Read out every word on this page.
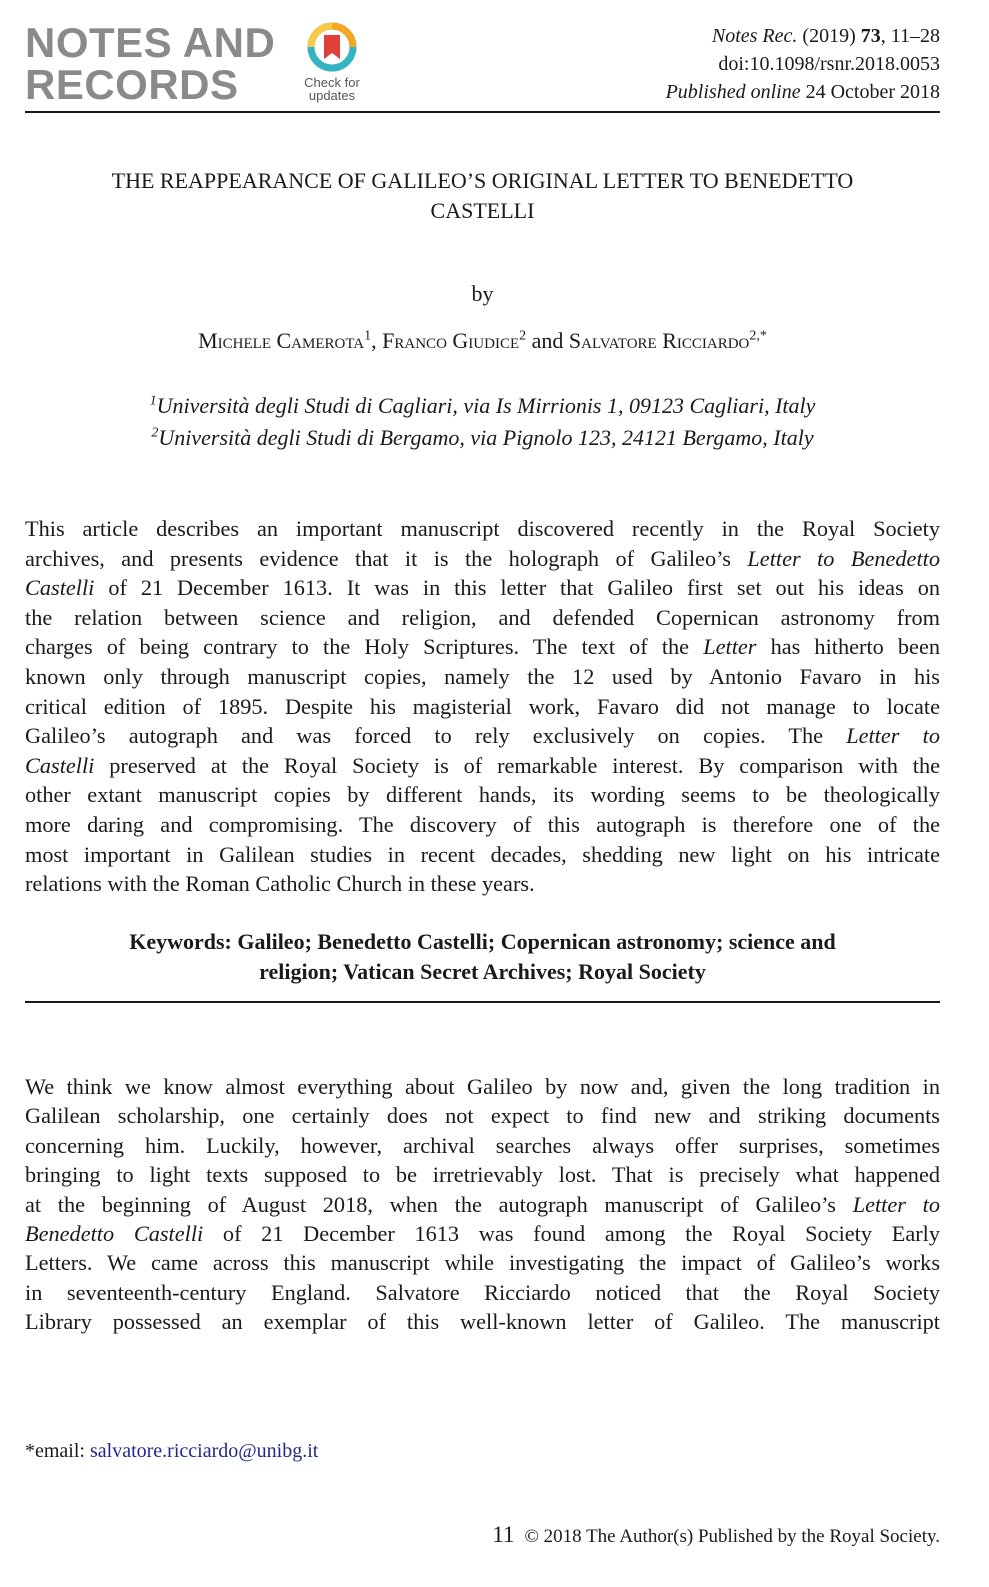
NOTES AND
RECORDS	Check for
updates
Notes Rec. (2019) 73, 11–28
doi:10.1098/rsnr.2018.0053
Published online 24 October 2018
THE REAPPEARANCE OF GALILEO’S ORIGINAL LETTER TO BENEDETTO
CASTELLI
by
Michele Camerota$^1$, Franco Giudice$^2$ and Salvatore Ricciardo$^{2,*}$
$^1$Università degli Studi di Cagliari, via Is Mirrionis 1, 09123 Cagliari, Italy
$^2$Università degli Studi di Bergamo, via Pignolo 123, 24121 Bergamo, Italy
This article describes an important manuscript discovered recently in the Royal Society
archives, and presents evidence that it is the holograph of Galileo’s Letter to Benedetto
Castelli of 21 December 1613. It was in this letter that Galileo first set out his ideas on
the relation between science and religion, and defended Copernican astronomy from
charges of being contrary to the Holy Scriptures. The text of the Letter has hitherto been
known only through manuscript copies, namely the 12 used by Antonio Favaro in his
critical edition of 1895. Despite his magisterial work, Favaro did not manage to locate
Galileo’s autograph and was forced to rely exclusively on copies. The Letter to
Castelli preserved at the Royal Society is of remarkable interest. By comparison with the
other extant manuscript copies by different hands, its wording seems to be theologically
more daring and compromising. The discovery of this autograph is therefore one of the
most important in Galilean studies in recent decades, shedding new light on his intricate
relations with the Roman Catholic Church in these years.
Keywords: Galileo; Benedetto Castelli; Copernican astronomy; science and
religion; Vatican Secret Archives; Royal Society
We think we know almost everything about Galileo by now and, given the long tradition in
Galilean scholarship, one certainly does not expect to find new and striking documents
concerning him. Luckily, however, archival searches always offer surprises, sometimes
bringing to light texts supposed to be irretrievably lost. That is precisely what happened
at the beginning of August 2018, when the autograph manuscript of Galileo’s Letter to
Benedetto Castelli of 21 December 1613 was found among the Royal Society Early
Letters. We came across this manuscript while investigating the impact of Galileo’s works
in seventeenth-century England. Salvatore Ricciardo noticed that the Royal Society
Library possessed an exemplar of this well-known letter of Galileo. The manuscript
*email: salvatore.ricciardo@unibg.it
11 © 2018 The Author(s) Published by the Royal Society.
